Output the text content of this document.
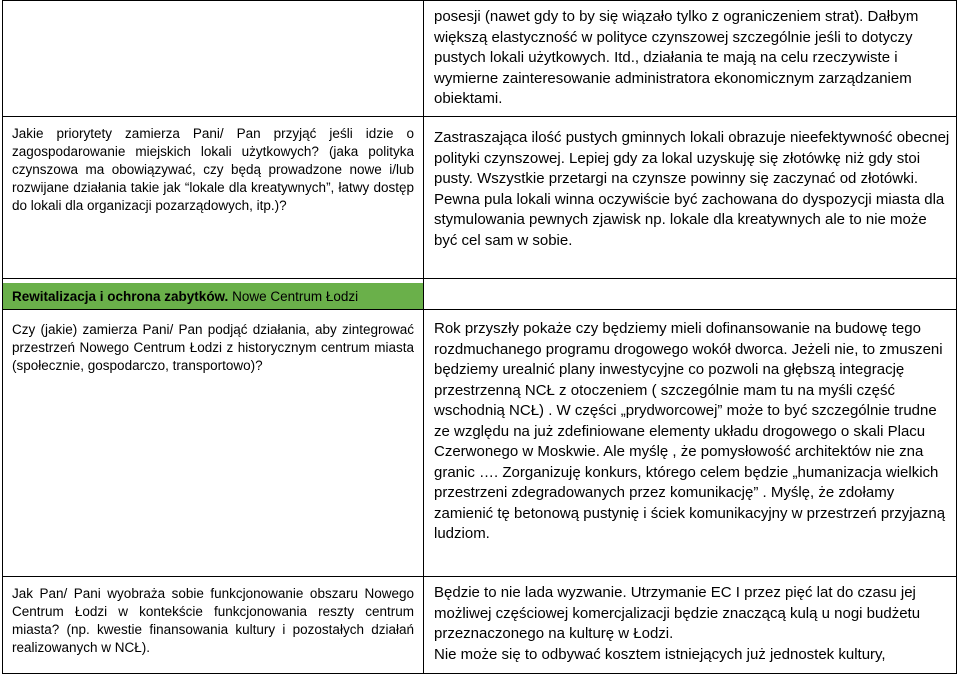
posesji (nawet gdy to by się wiązało tylko z ograniczeniem strat). Dałbym większą elastyczność w polityce czynszowej szczególnie jeśli to dotyczy pustych lokali użytkowych. Itd., działania te mają na celu rzeczywiste i wymierne zainteresowanie administratora ekonomicznym zarządzaniem obiektami.

Jakie priorytety zamierza Pani/ Pan przyjąć jeśli idzie o zagospodarowanie miejskich lokali użytkowych? (jaka polityka czynszowa ma obowiązywać, czy będą prowadzone nowe i/lub rozwijane działania takie jak “lokale dla kreatywnych”, łatwy dostęp do lokali dla organizacji pozarządowych, itp.)?

Zastraszająca ilość pustych gminnych lokali obrazuje nieefektywność obecnej polityki czynszowej. Lepiej gdy za lokal uzyskuję się złotówkę niż gdy stoi pusty. Wszystkie przetargi na czynsze powinny się zaczynać od złotówki.

Pewna pula lokali winna oczywiście być zachowana do dyspozycji miasta dla stymulowania pewnych zjawisk np. lokale dla kreatywnych ale to nie może być cel sam w sobie.

Rewitalizacja i ochrona zabytków. Nowe Centrum Łodzi

Czy (jakie) zamierza Pani/ Pan podjąć działania, aby zintegrować przestrzeń Nowego Centrum Łodzi z historycznym centrum miasta (społecznie, gospodarczo, transportowo)?

Rok przyszły pokaże czy będziemy mieli dofinansowanie na budowę tego rozdmuchanego programu drogowego wokół dworca. Jeżeli nie, to zmuszeni będziemy urealnić plany inwestycyjne co pozwoli na głębszą integrację przestrzenną NCŁ z otoczeniem ( szczególnie mam tu na myśli część wschodnią NCŁ) . W części „prydworcowej” może to być szczególnie trudne ze względu na już zdefiniowane elementy układu drogowego o skali Placu Czerwonego w Moskwie. Ale myślę , że pomysłowość architektów nie zna granic …. Zorganizuję konkurs, którego celem będzie „humanizacja wielkich przestrzeni zdegradowanych przez komunikację” . Myślę, że zdołamy zamienić tę betonową pustynię i ściek komunikacyjny w przestrzeń przyjazną ludziom.

Jak Pan/ Pani wyobraża sobie funkcjonowanie obszaru Nowego Centrum Łodzi w kontekście funkcjonowania reszty centrum miasta? (np. kwestie finansowania kultury i pozostałych działań realizowanych w NCŁ).

Będzie to nie lada wyzwanie. Utrzymanie EC I przez pięć lat do czasu jej możliwej częściowej komercjalizacji będzie znaczącą kulą u nogi budżetu przeznaczonego na kulturę w Łodzi.

Nie może się to odbywać kosztem istniejących już jednostek kultury,
